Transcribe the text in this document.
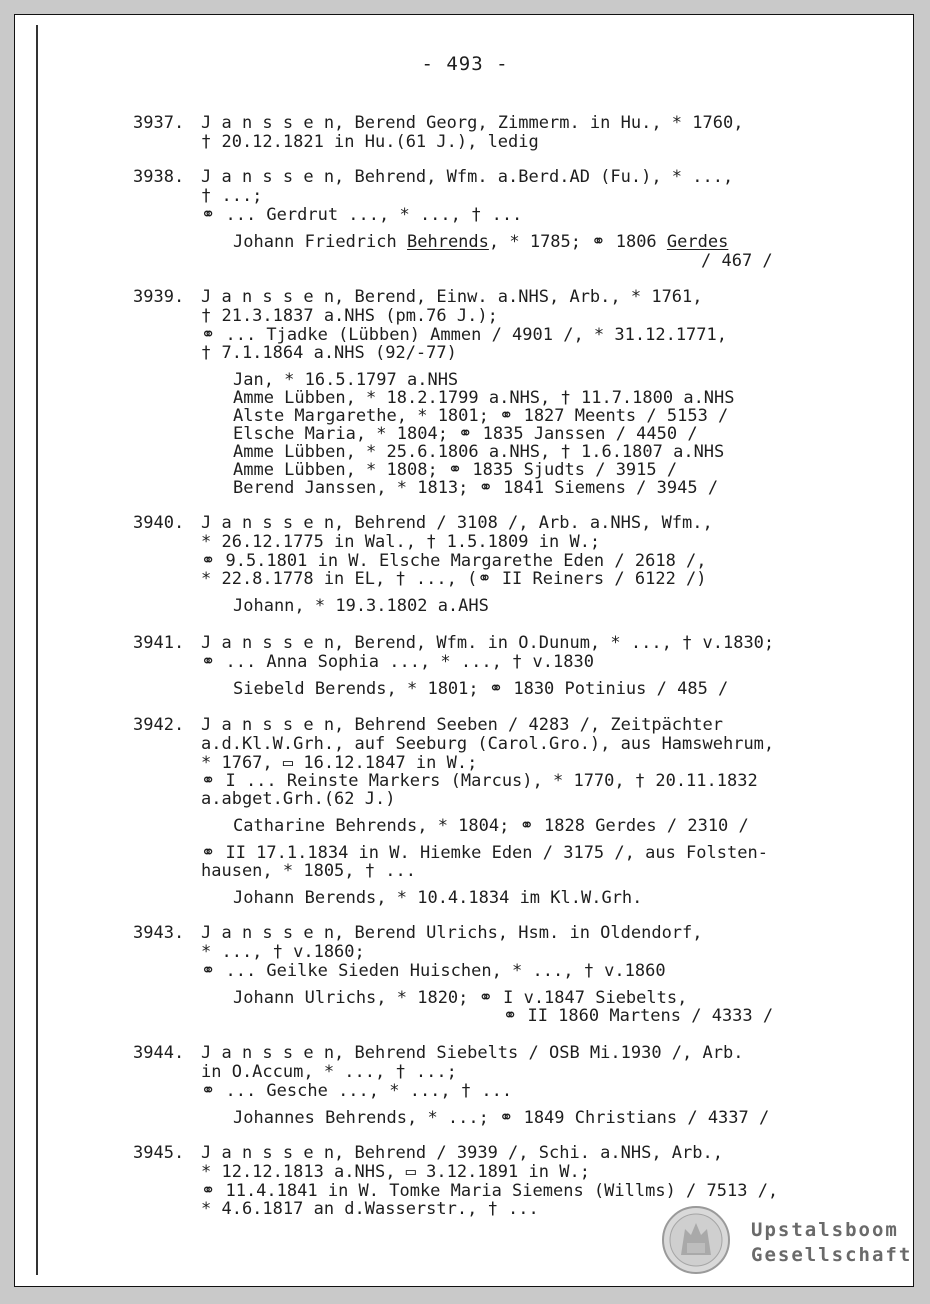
- 493 -
3937. J a n s s e n, Berend Georg, Zimmerm. in Hu., * 1760,
† 20.12.1821 in Hu.(61 J.), ledig
3938. J a n s s e n, Behrend, Wfm. a.Berd.AD (Fu.), * ...,
† ...;
⚭ ... Gerdrut ..., * ..., † ...
Johann Friedrich Behrends, * 1785; ⚭ 1806 Gerdes
/ 467 /
3939. J a n s s e n, Berend, Einw. a.NHS, Arb., * 1761,
† 21.3.1837 a.NHS (pm.76 J.);
⚭ ... Tjadke (Lübben) Ammen / 4901 /, * 31.12.1771,
† 7.1.1864 a.NHS (92/-77)
Jan, * 16.5.1797 a.NHS
Amme Lübben, * 18.2.1799 a.NHS, † 11.7.1800 a.NHS
Alste Margarethe, * 1801; ⚭ 1827 Meents / 5153 /
Elsche Maria, * 1804; ⚭ 1835 Janssen / 4450 /
Amme Lübben, * 25.6.1806 a.NHS, † 1.6.1807 a.NHS
Amme Lübben, * 1808; ⚭ 1835 Sjudts / 3915 /
Berend Janssen, * 1813; ⚭ 1841 Siemens / 3945 /
3940. J a n s s e n, Behrend / 3108 /, Arb. a.NHS, Wfm.,
* 26.12.1775 in Wal., † 1.5.1809 in W.;
⚭ 9.5.1801 in W. Elsche Margarethe Eden / 2618 /,
* 22.8.1778 in EL, † ..., (⚭ II Reiners / 6122 /)
Johann, * 19.3.1802 a.AHS
3941. J a n s s e n, Berend, Wfm. in O.Dunum, * ..., † v.1830;
⚭ ... Anna Sophia ..., * ..., † v.1830
Siebeld Berends, * 1801; ⚭ 1830 Potinius / 485 /
3942. J a n s s e n, Behrend Seeben / 4283 /, Zeitpächter
a.d.Kl.W.Grh., auf Seeburg (Carol.Gro.), aus Hamswehrum,
* 1767, ▭ 16.12.1847 in W.;
⚭ I ... Reinste Markers (Marcus), * 1770, † 20.11.1832
a.abget.Grh.(62 J.)
Catharine Behrends, * 1804; ⚭ 1828 Gerdes / 2310 /
⚭ II 17.1.1834 in W. Hiemke Eden / 3175 /, aus Folsten-
hausen, * 1805, † ...
Johann Berends, * 10.4.1834 im Kl.W.Grh.
3943. J a n s s e n, Berend Ulrichs, Hsm. in Oldendorf,
* ..., † v.1860;
⚭ ... Geilke Sieden Huischen, * ..., † v.1860
Johann Ulrichs, * 1820; ⚭ I v.1847 Siebelts,
⚭ II 1860 Martens / 4333 /
3944. J a n s s e n, Behrend Siebelts / OSB Mi.1930 /, Arb.
in O.Accum, * ..., † ...;
⚭ ... Gesche ..., * ..., † ...
Johannes Behrends, * ...; ⚭ 1849 Christians / 4337 /
3945. J a n s s e n, Behrend / 3939 /, Schi. a.NHS, Arb.,
* 12.12.1813 a.NHS, ▭ 3.12.1891 in W.;
⚭ 11.4.1841 in W. Tomke Maria Siemens (Willms) / 7513 /,
* 4.6.1817 an d.Wasserstr., † ...
Upstalsboom
Gesellschaft
